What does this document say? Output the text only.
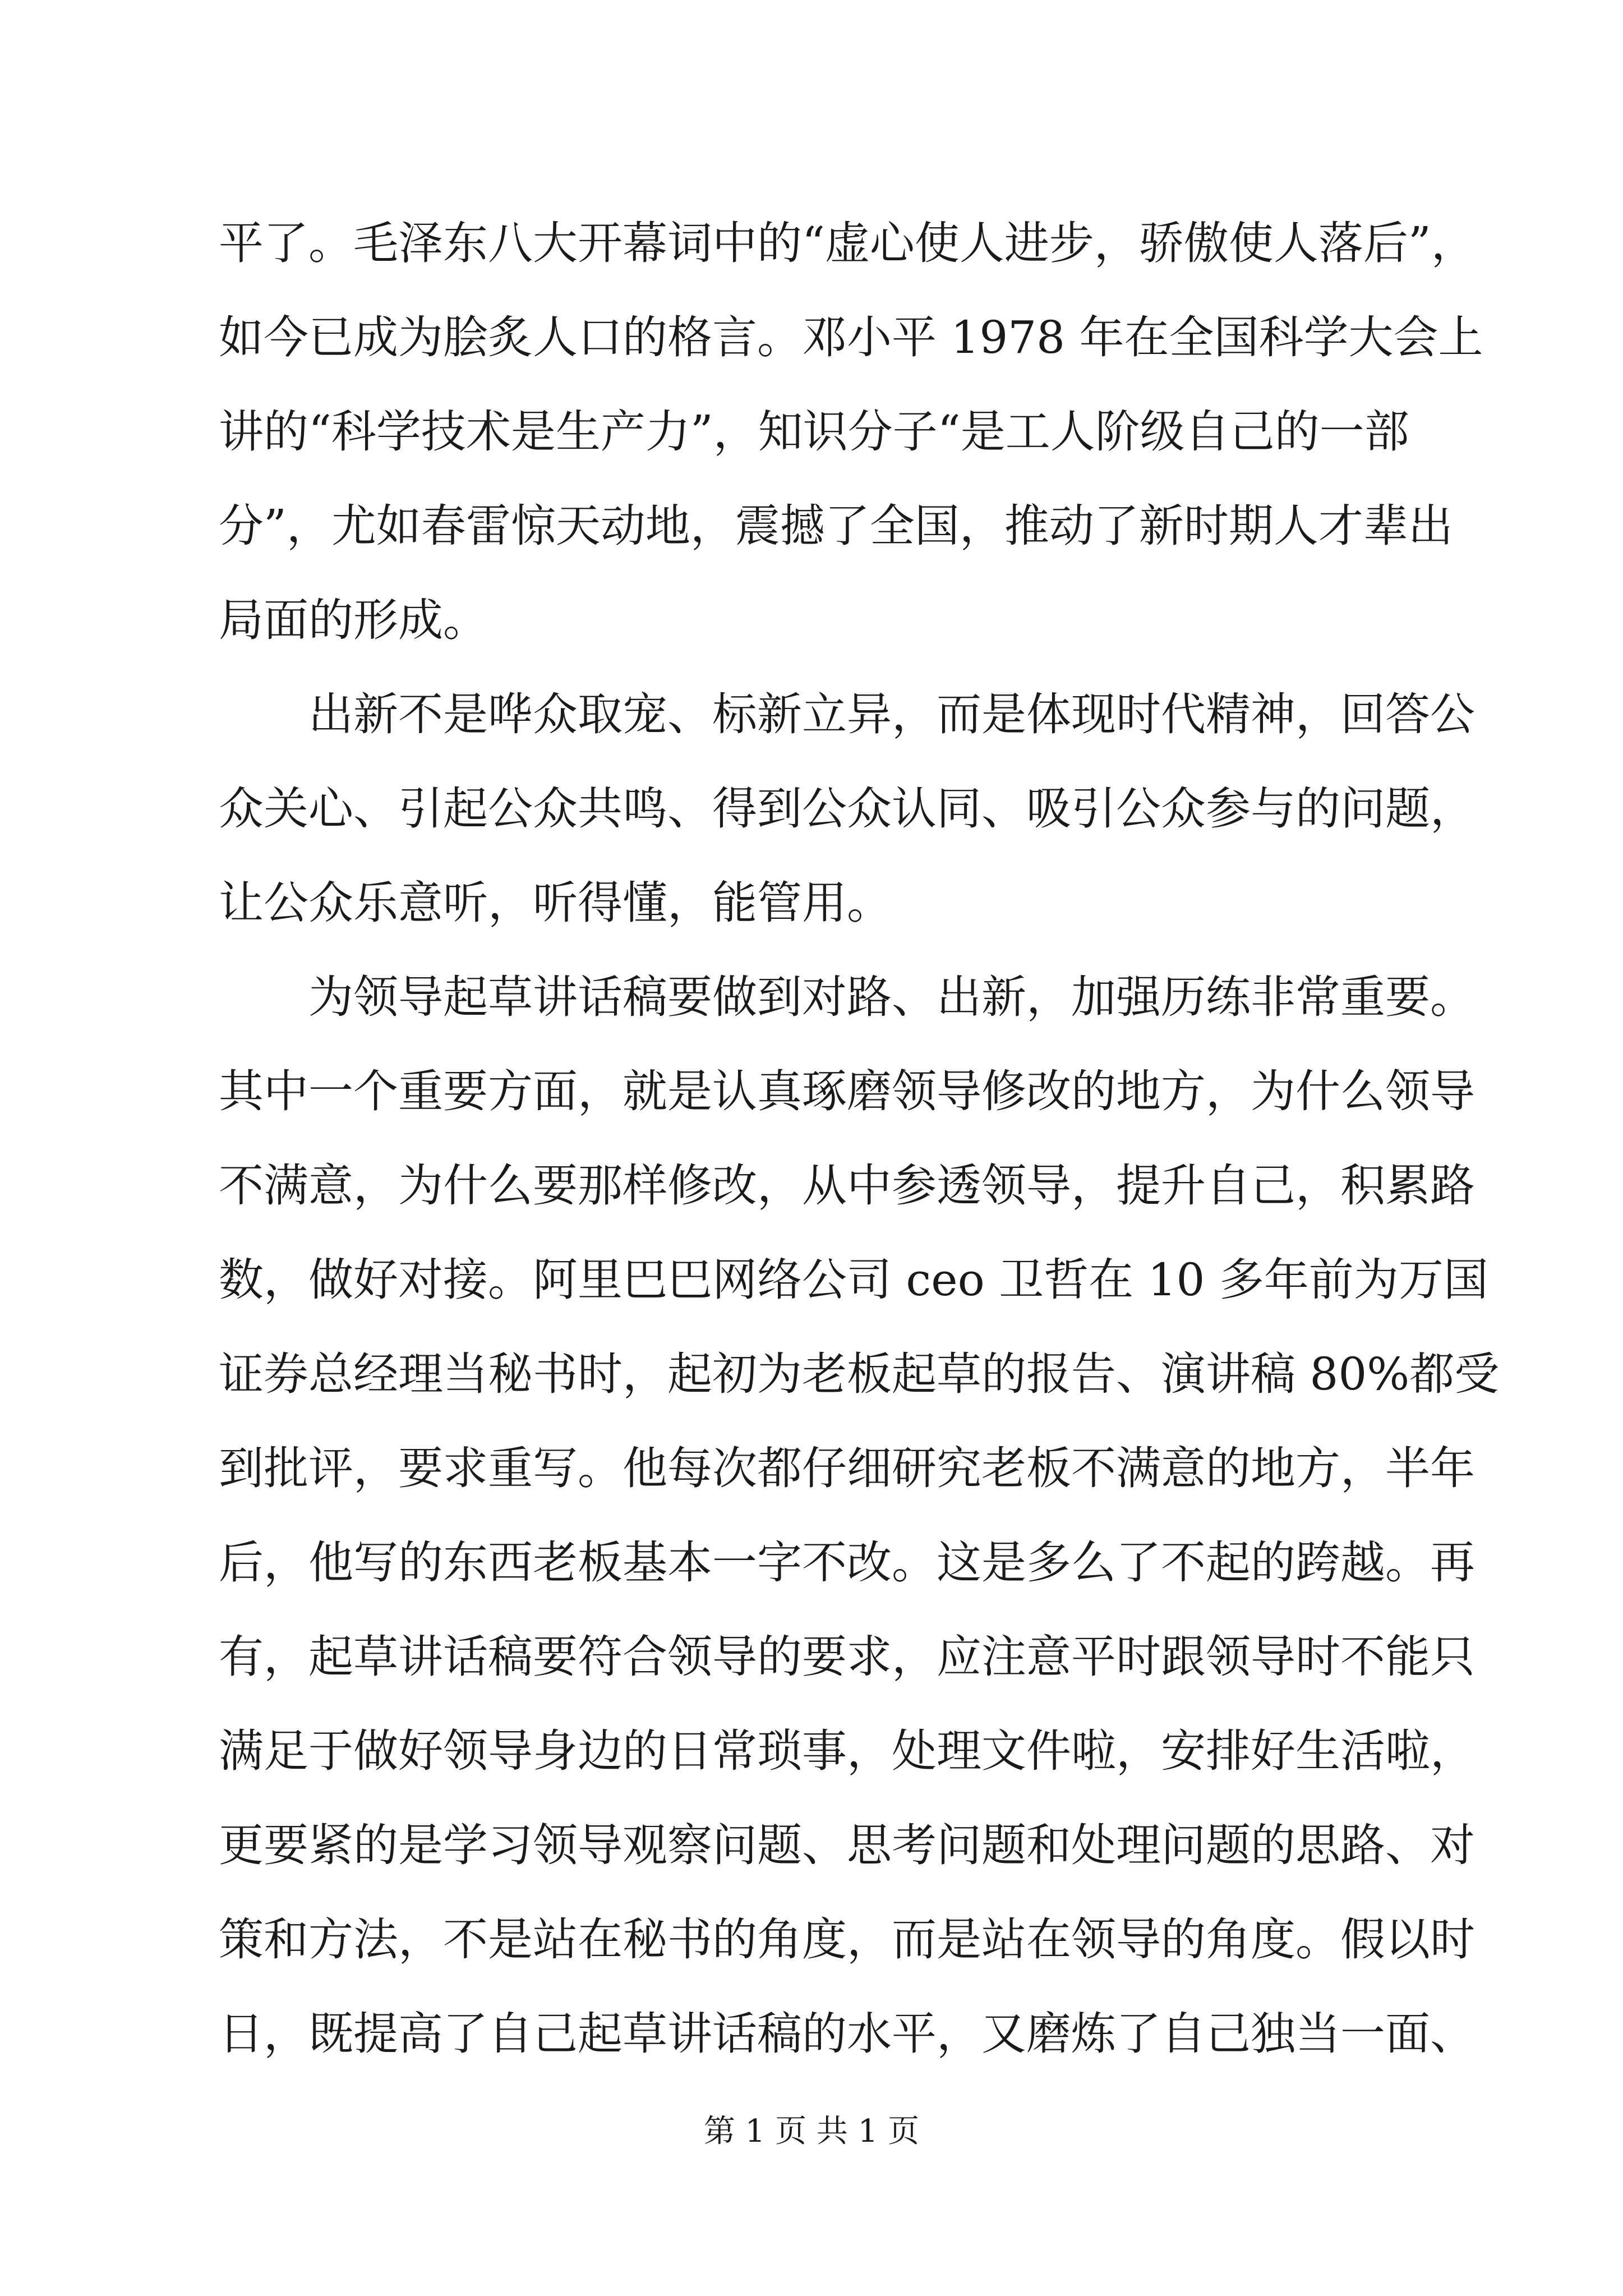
平了。毛泽东八大开幕词中的“虚心使人进步，骄傲使人落后”，
如今已成为脍炙人口的格言。邓小平 1978 年在全国科学大会上
讲的“科学技术是生产力”，知识分子“是工人阶级自己的一部
分”，尤如春雷惊天动地，震撼了全国，推动了新时期人才辈出
局面的形成。
　　出新不是哗众取宠、标新立异，而是体现时代精神，回答公
众关心、引起公众共鸣、得到公众认同、吸引公众参与的问题，
让公众乐意听，听得懂，能管用。
　　为领导起草讲话稿要做到对路、出新，加强历练非常重要。
其中一个重要方面，就是认真琢磨领导修改的地方，为什么领导
不满意，为什么要那样修改，从中参透领导，提升自己，积累路
数，做好对接。阿里巴巴网络公司 ceo 卫哲在 10 多年前为万国
证券总经理当秘书时，起初为老板起草的报告、演讲稿 80%都受
到批评，要求重写。他每次都仔细研究老板不满意的地方，半年
后，他写的东西老板基本一字不改。这是多么了不起的跨越。再
有，起草讲话稿要符合领导的要求，应注意平时跟领导时不能只
满足于做好领导身边的日常琐事，处理文件啦，安排好生活啦，
更要紧的是学习领导观察问题、思考问题和处理问题的思路、对
策和方法，不是站在秘书的角度，而是站在领导的角度。假以时
日，既提高了自己起草讲话稿的水平，又磨炼了自己独当一面、
第 1 页 共 1 页
